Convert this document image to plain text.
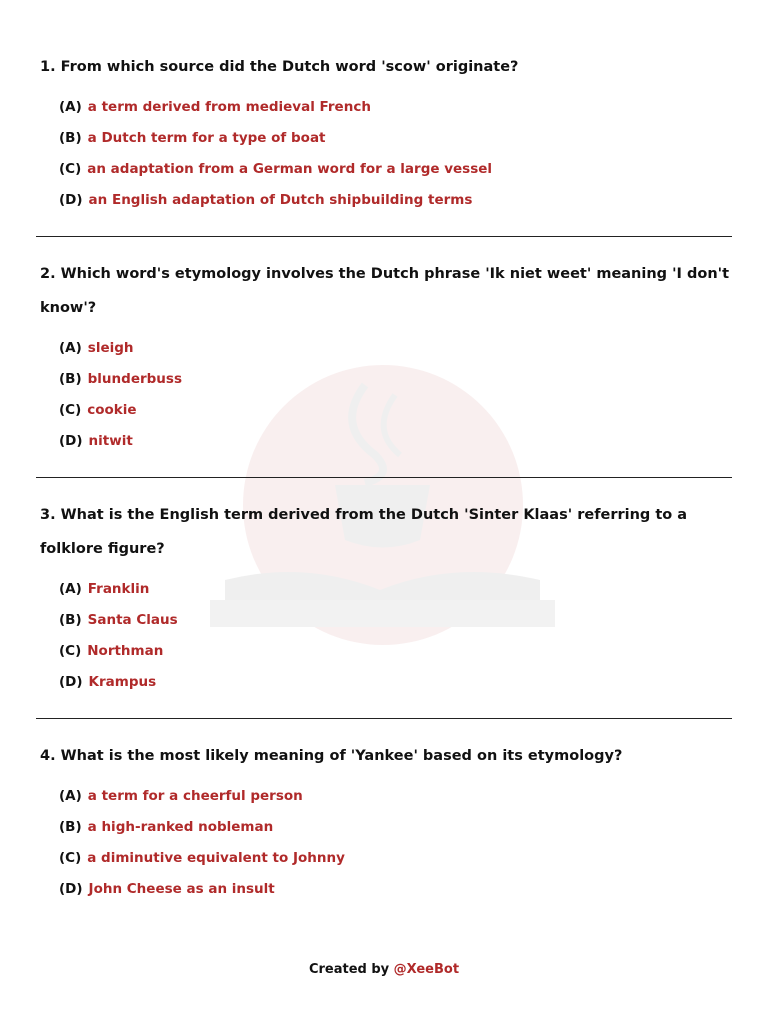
1. From which source did the Dutch word 'scow' originate?

(A) a term derived from medieval French
(B) a Dutch term for a type of boat
(C) an adaptation from a German word for a large vessel
(D) an English adaptation of Dutch shipbuilding terms

2. Which word's etymology involves the Dutch phrase 'Ik niet weet' meaning 'I don't know'?

(A) sleigh
(B) blunderbuss
(C) cookie
(D) nitwit

3. What is the English term derived from the Dutch 'Sinter Klaas' referring to a folklore figure?

(A) Franklin
(B) Santa Claus
(C) Northman
(D) Krampus

4. What is the most likely meaning of 'Yankee' based on its etymology?

(A) a term for a cheerful person
(B) a high-ranked nobleman
(C) a diminutive equivalent to Johnny
(D) John Cheese as an insult
Created by @XeeBot
